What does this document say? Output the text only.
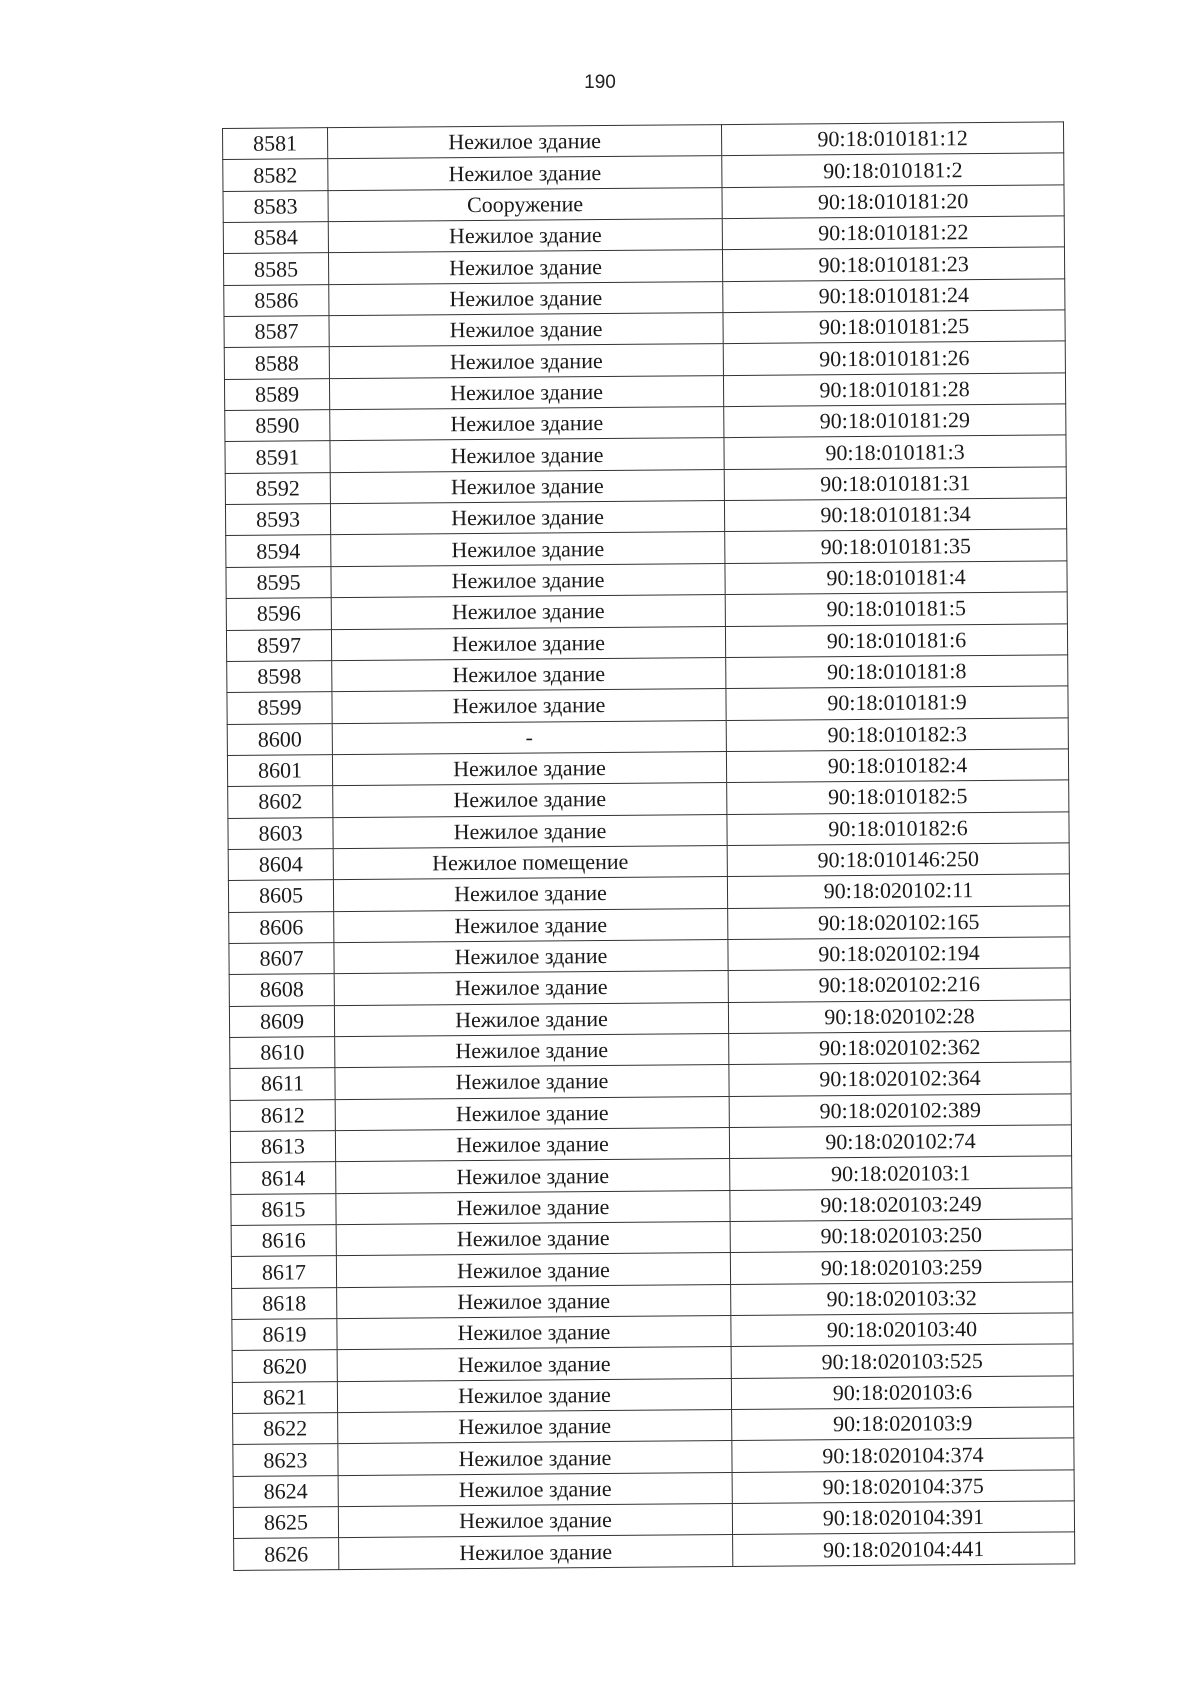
190
8581	Нежилое здание	90:18:010181:12
8582	Нежилое здание	90:18:010181:2
8583	Сооружение	90:18:010181:20
8584	Нежилое здание	90:18:010181:22
8585	Нежилое здание	90:18:010181:23
8586	Нежилое здание	90:18:010181:24
8587	Нежилое здание	90:18:010181:25
8588	Нежилое здание	90:18:010181:26
8589	Нежилое здание	90:18:010181:28
8590	Нежилое здание	90:18:010181:29
8591	Нежилое здание	90:18:010181:3
8592	Нежилое здание	90:18:010181:31
8593	Нежилое здание	90:18:010181:34
8594	Нежилое здание	90:18:010181:35
8595	Нежилое здание	90:18:010181:4
8596	Нежилое здание	90:18:010181:5
8597	Нежилое здание	90:18:010181:6
8598	Нежилое здание	90:18:010181:8
8599	Нежилое здание	90:18:010181:9
8600	-	90:18:010182:3
8601	Нежилое здание	90:18:010182:4
8602	Нежилое здание	90:18:010182:5
8603	Нежилое здание	90:18:010182:6
8604	Нежилое помещение	90:18:010146:250
8605	Нежилое здание	90:18:020102:11
8606	Нежилое здание	90:18:020102:165
8607	Нежилое здание	90:18:020102:194
8608	Нежилое здание	90:18:020102:216
8609	Нежилое здание	90:18:020102:28
8610	Нежилое здание	90:18:020102:362
8611	Нежилое здание	90:18:020102:364
8612	Нежилое здание	90:18:020102:389
8613	Нежилое здание	90:18:020102:74
8614	Нежилое здание	90:18:020103:1
8615	Нежилое здание	90:18:020103:249
8616	Нежилое здание	90:18:020103:250
8617	Нежилое здание	90:18:020103:259
8618	Нежилое здание	90:18:020103:32
8619	Нежилое здание	90:18:020103:40
8620	Нежилое здание	90:18:020103:525
8621	Нежилое здание	90:18:020103:6
8622	Нежилое здание	90:18:020103:9
8623	Нежилое здание	90:18:020104:374
8624	Нежилое здание	90:18:020104:375
8625	Нежилое здание	90:18:020104:391
8626	Нежилое здание	90:18:020104:441
